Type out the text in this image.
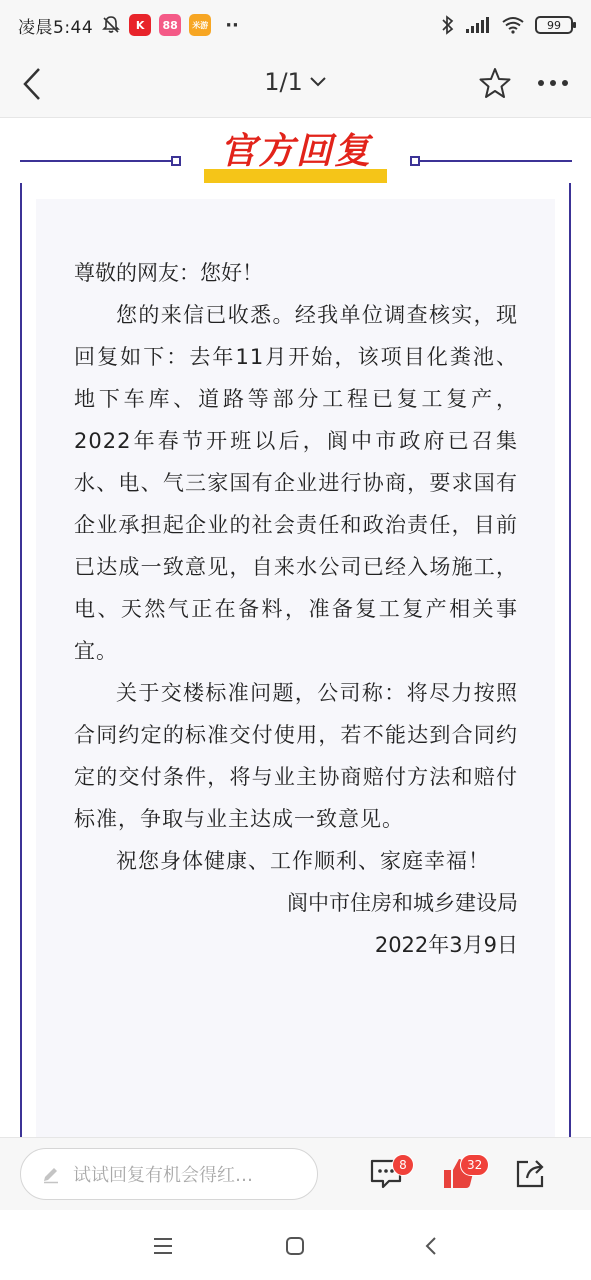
凌晨5:44	K	88	米游 ··	99
1/1
官方回复

尊敬的网友：您好！

您的来信已收悉。经我单位调查核实，现回复如下：去年11月开始，该项目化粪池、地下车库、道路等部分工程已复工复产，2022年春节开班以后，阆中市政府已召集水、电、气三家国有企业进行协商，要求国有企业承担起企业的社会责任和政治责任，目前已达成一致意见，自来水公司已经入场施工，电、天然气正在备料，准备复工复产相关事宜。

关于交楼标准问题，公司称：将尽力按照合同约定的标准交付使用，若不能达到合同约定的交付条件，将与业主协商赔付方法和赔付标准，争取与业主达成一致意见。

祝您身体健康、工作顺利、家庭幸福！

阆中市住房和城乡建设局

2022年3月9日

试试回复有机会得红…	8	32
